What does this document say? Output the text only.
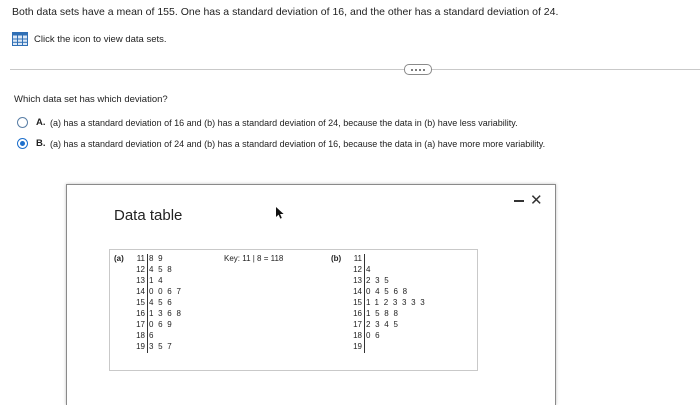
Both data sets have a mean of 155. One has a standard deviation of 16, and the other has a standard deviation of 24.
Click the icon to view data sets.
Which data set has which deviation?
A. (a) has a standard deviation of 16 and (b) has a standard deviation of 24, because the data in (b) have less variability.
B. (a) has a standard deviation of 24 and (b) has a standard deviation of 16, because the data in (a) have more more variability.
Data table
✕
(a)	11 89
12 458
13 14
14 0067
15 456
16 1368
17 069
18 6
19 357
Key: 11 | 8 = 118	(b)	11
12 4
13 235
14 04568
15 1123333
16 1588
17 2345
18 06
19
